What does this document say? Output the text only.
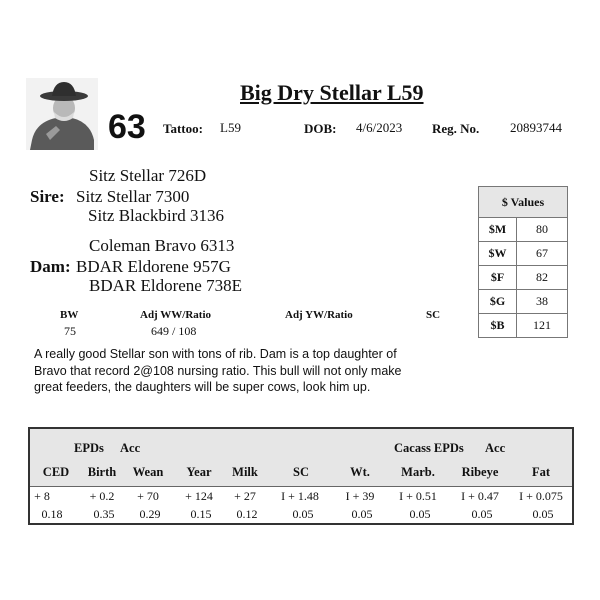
63
Big Dry Stellar L59
Tattoo: L59	DOB: 4/6/2023 Reg. No. 20893744
Sitz Stellar 726D
Sire: Sitz Stellar 7300
Sitz Blackbird 3136
Coleman Bravo 6313
Dam: BDAR Eldorene 957G
BDAR Eldorene 738E
BW	Adj WW/Ratio	Adj YW/Ratio	SC
75	649 / 108
A really good Stellar son with tons of rib. Dam is a top daughter of Bravo that record 2@108 nursing ratio. This bull will not only make great feeders, the daughters will be super cows, look him up.
$ Values	
$M	80
$W	67
$F	82
$G	38
$B	121
EPDs Acc	Cacass EPDs Acc
CED	Birth	Wean	Year	Milk	SC	Wt.	Marb.	Ribeye	Fat
+ 8	+ 0.2	+ 70	+ 124	+ 27	I + 1.48	I + 39	I + 0.51	I + 0.47	I + 0.075
0.18	0.35	0.29	0.15	0.12	0.05	0.05	0.05	0.05	0.05
